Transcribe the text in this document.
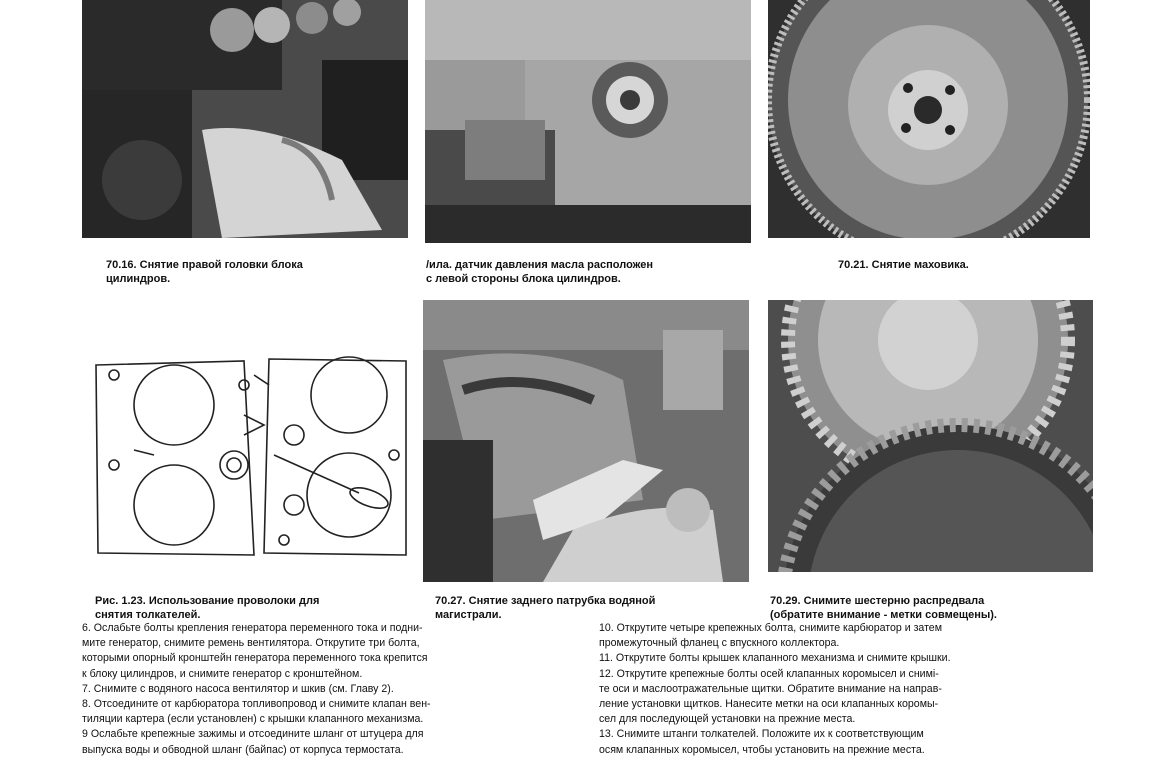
70.16. Снятие правой головки блока
цилиндров.
/ила. датчик давления масла расположен
с левой стороны блока цилиндров.
70.21. Снятие маховика.
Рис. 1.23. Использование проволоки для
снятия толкателей.
70.27. Снятие заднего патрубка водяной
магистрали.
70.29. Снимите шестерню распредвала
(обратите внимание - метки совмещены).
6. Ослабьте болты крепления генератора переменного тока и подни-
мите генератор, снимите ремень вентилятора. Открутите три болта,
которыми опорный кронштейн генератора переменного тока крепится
к блоку цилиндров, и снимите генератор с кронштейном.
7. Снимите с водяного насоса вентилятор и шкив (см. Главу 2).
8. Отсоедините от карбюратора топливопровод и снимите клапан вен-
тиляции картера (если установлен) с крышки клапанного механизма.
9 Ослабьте крепежные зажимы и отсоедините шланг от штуцера для
выпуска воды и обводной шланг (байпас) от корпуса термостата.
10. Открутите четыре крепежных болта, снимите карбюратор и затем
промежуточный фланец с впускного коллектора.
11. Открутите болты крышек клапанного механизма и снимите крышки.
12. Открутите крепежные болты осей клапанных коромысел и снимi-
те оси и маслоотражательные щитки. Обратите внимание на направ-
ление установки щитков. Нанесите метки на оси клапанных коромы-
сел для последующей установки на прежние места.
13. Снимите штанги толкателей. Положите их к соответствующим
осям клапанных коромысел, чтобы установить на прежние места.
